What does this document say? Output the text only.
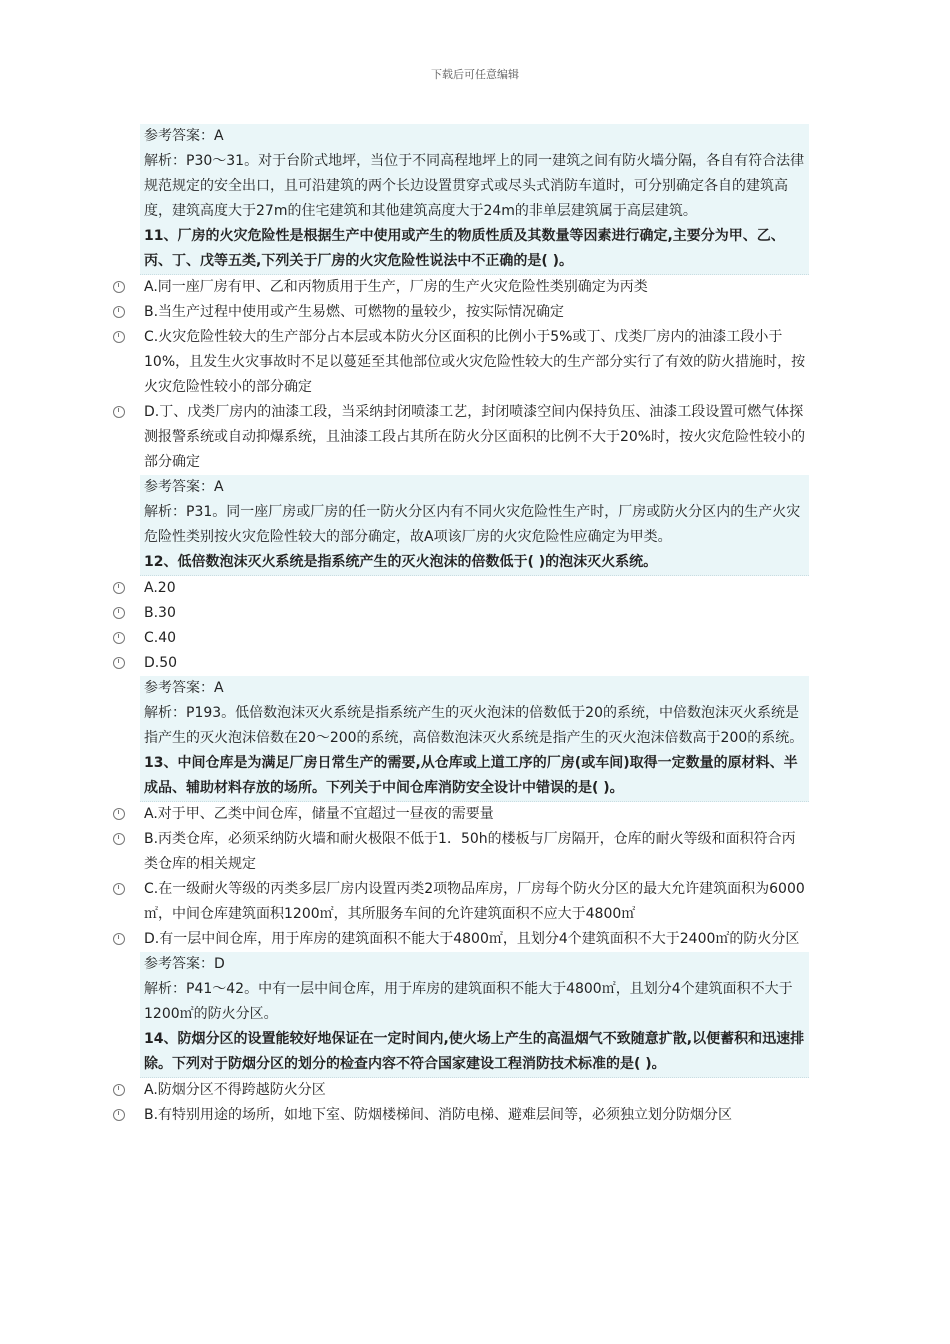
下载后可任意编辑
参考答案：A
解析：P30～31。对于台阶式地坪，当位于不同高程地坪上的同一建筑之间有防火墙分隔，各自有符合法律规范规定的安全出口，且可沿建筑的两个长边设置贯穿式或尽头式消防车道时，可分别确定各自的建筑高度，建筑高度大于27m的住宅建筑和其他建筑高度大于24m的非单层建筑属于高层建筑。
11、厂房的火灾危险性是根据生产中使用或产生的物质性质及其数量等因素进行确定,主要分为甲、乙、丙、丁、戊等五类,下列关于厂房的火灾危险性说法中不正确的是( )。
A.同一座厂房有甲、乙和丙物质用于生产，厂房的生产火灾危险性类别确定为丙类
B.当生产过程中使用或产生易燃、可燃物的量较少，按实际情况确定
C.火灾危险性较大的生产部分占本层或本防火分区面积的比例小于5%或丁、戊类厂房内的油漆工段小于10%，且发生火灾事故时不足以蔓延至其他部位或火灾危险性较大的生产部分实行了有效的防火措施时，按火灾危险性较小的部分确定
D.丁、戊类厂房内的油漆工段，当采纳封闭喷漆工艺，封闭喷漆空间内保持负压、油漆工段设置可燃气体探测报警系统或自动抑爆系统，且油漆工段占其所在防火分区面积的比例不大于20%时，按火灾危险性较小的部分确定
参考答案：A
解析：P31。同一座厂房或厂房的任一防火分区内有不同火灾危险性生产时，厂房或防火分区内的生产火灾危险性类别按火灾危险性较大的部分确定，故A项该厂房的火灾危险性应确定为甲类。
12、低倍数泡沫灭火系统是指系统产生的灭火泡沫的倍数低于( )的泡沫灭火系统。
A.20
B.30
C.40
D.50
参考答案：A
解析：P193。低倍数泡沫灭火系统是指系统产生的灭火泡沫的倍数低于20的系统，中倍数泡沫灭火系统是指产生的灭火泡沫倍数在20～200的系统，高倍数泡沫灭火系统是指产生的灭火泡沫倍数高于200的系统。
13、中间仓库是为满足厂房日常生产的需要,从仓库或上道工序的厂房(或车间)取得一定数量的原材料、半成品、辅助材料存放的场所。下列关于中间仓库消防安全设计中错误的是( )。
A.对于甲、乙类中间仓库，储量不宜超过一昼夜的需要量
B.丙类仓库，必须采纳防火墙和耐火极限不低于1．50h的楼板与厂房隔开，仓库的耐火等级和面积符合丙类仓库的相关规定
C.在一级耐火等级的丙类多层厂房内设置丙类2项物品库房，厂房每个防火分区的最大允许建筑面积为6000㎡，中间仓库建筑面积1200㎡，其所服务车间的允许建筑面积不应大于4800㎡
D.有一层中间仓库，用于库房的建筑面积不能大于4800㎡，且划分4个建筑面积不大于2400㎡的防火分区
参考答案：D
解析：P41～42。中有一层中间仓库，用于库房的建筑面积不能大于4800㎡，且划分4个建筑面积不大于1200㎡的防火分区。
14、防烟分区的设置能较好地保证在一定时间内,使火场上产生的高温烟气不致随意扩散,以便蓄积和迅速排除。下列对于防烟分区的划分的检查内容不符合国家建设工程消防技术标准的是( )。
A.防烟分区不得跨越防火分区
B.有特别用途的场所，如地下室、防烟楼梯间、消防电梯、避难层间等，必须独立划分防烟分区
